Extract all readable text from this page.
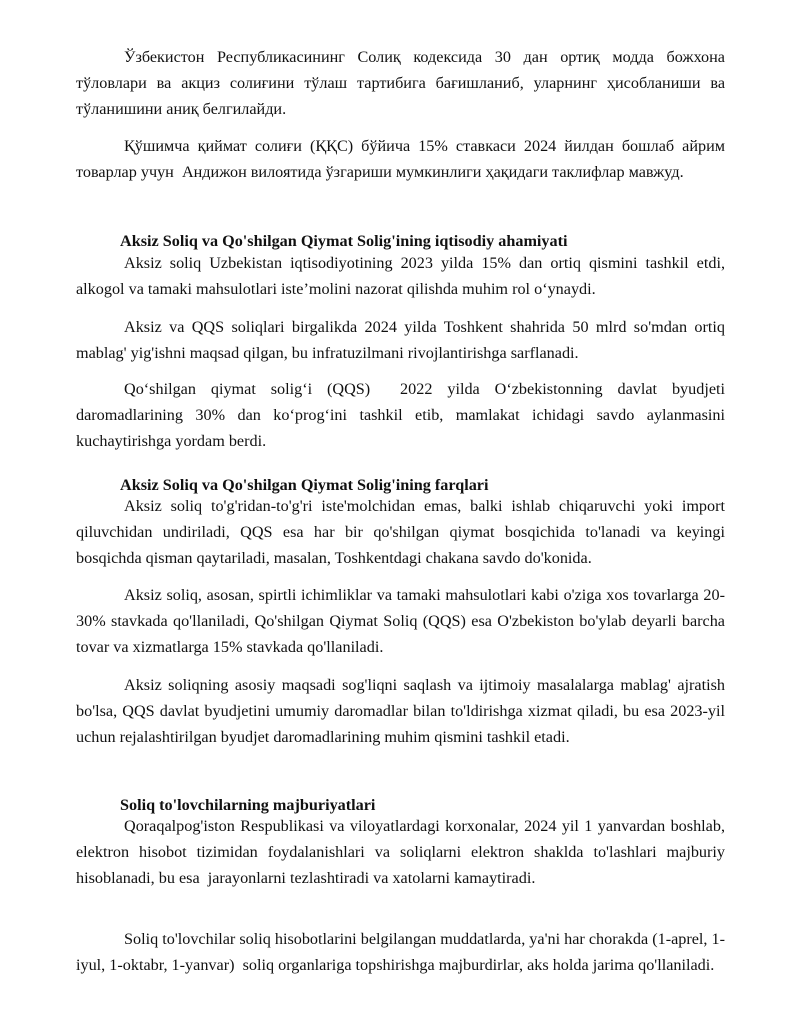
Ўзбекистон Республикасининг Солиқ кодексида 30 дан ортиқ модда божхона тўловлари ва акциз солиғини тўлаш тартибига бағишланиб, уларнинг ҳисобланиши ва тўланишини аниқ белгилайди.

Қўшимча қиймат солиғи (ҚҚС) бўйича 15% ставкаси 2024 йилдан бошлаб айрим товарлар учун  Андижон вилоятида ўзгариши мумкинлиги ҳақидаги таклифлар мавжуд.

Aksiz Soliq va Qo'shilgan Qiymat Solig'ining iqtisodiy ahamiyati

Aksiz soliq Uzbekistan iqtisodiyotining 2023 yilda 15% dan ortiq qismini tashkil etdi,  alkogol va tamaki mahsulotlari iste’molini nazorat qilishda muhim rol o‘ynaydi.

Aksiz va QQS soliqlari birgalikda 2024 yilda Toshkent shahrida 50 mlrd so'mdan ortiq mablag' yig'ishni maqsad qilgan, bu infratuzilmani rivojlantirishga sarflanadi.

Qo‘shilgan qiymat solig‘i (QQS)  2022 yilda O‘zbekistonning davlat byudjeti daromadlarining 30% dan ko‘prog‘ini tashkil etib, mamlakat ichidagi savdo aylanmasini kuchaytirishga yordam berdi.

Aksiz Soliq va Qo'shilgan Qiymat Solig'ining farqlari

Aksiz soliq to'g'ridan-to'g'ri iste'molchidan emas, balki ishlab chiqaruvchi yoki import qiluvchidan undiriladi, QQS esa har bir qo'shilgan qiymat bosqichida to'lanadi va keyingi bosqichda qisman qaytariladi, masalan, Toshkentdagi chakana savdo do'konida.

Aksiz soliq, asosan, spirtli ichimliklar va tamaki mahsulotlari kabi o'ziga xos tovarlarga 20-30% stavkada qo'llaniladi, Qo'shilgan Qiymat Soliq (QQS) esa O'zbekiston bo'ylab deyarli barcha tovar va xizmatlarga 15% stavkada qo'llaniladi.

Aksiz soliqning asosiy maqsadi sog'liqni saqlash va ijtimoiy masalalarga mablag' ajratish bo'lsa, QQS davlat byudjetini umumiy daromadlar bilan to'ldirishga xizmat qiladi, bu esa 2023-yil uchun rejalashtirilgan byudjet daromadlarining muhim qismini tashkil etadi.

Soliq to'lovchilarning majburiyatlari

Qoraqalpog'iston Respublikasi va viloyatlardagi korxonalar, 2024 yil 1 yanvardan boshlab, elektron hisobot tizimidan foydalanishlari va soliqlarni elektron shaklda to'lashlari majburiy hisoblanadi, bu esa  jarayonlarni tezlashtiradi va xatolarni kamaytiradi.

Soliq to'lovchilar soliq hisobotlarini belgilangan muddatlarda, ya'ni har chorakda (1-aprel, 1-iyul, 1-oktabr, 1-yanvar)  soliq organlariga topshirishga majburdirlar, aks holda jarima qo'llaniladi.
